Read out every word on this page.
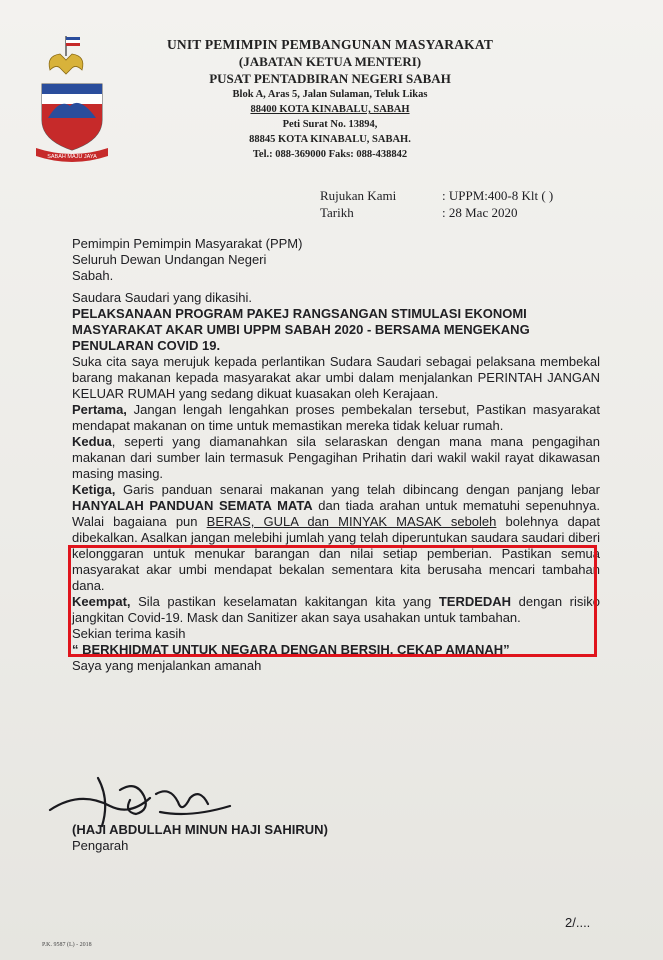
SABAH MAJU JAYA
UNIT PEMIMPIN PEMBANGUNAN MASYARAKAT
(JABATAN KETUA MENTERI)
PUSAT PENTADBIRAN NEGERI SABAH
Blok A, Aras 5, Jalan Sulaman, Teluk Likas
88400 KOTA KINABALU, SABAH
Peti Surat No. 13894,
88845 KOTA KINABALU, SABAH.
Tel.: 088-369000 Faks: 088-438842
Rujukan Kami	: UPPM:400-8 Klt ( )
Tarikh	: 28 Mac 2020

Pemimpin Pemimpin Masyarakat (PPM)

Seluruh Dewan Undangan Negeri

Sabah.

Saudara Saudari yang dikasihi.

PELAKSANAAN PROGRAM PAKEJ RANGSANGAN STIMULASI EKONOMI MASYARAKAT AKAR UMBI UPPM SABAH 2020 - BERSAMA MENGEKANG PENULARAN COVID 19.

Suka cita saya merujuk kepada perlantikan Sudara Saudari sebagai pelaksana membekal barang makanan kepada masyarakat akar umbi dalam menjalankan PERINTAH JANGAN KELUAR RUMAH yang sedang dikuat kuasakan oleh Kerajaan.

Pertama, Jangan lengah lengahkan proses pembekalan tersebut, Pastikan masyarakat mendapat makanan on time untuk memastikan mereka tidak keluar rumah.

Kedua, seperti yang diamanahkan sila selaraskan dengan mana mana pengagihan makanan dari sumber lain termasuk Pengagihan Prihatin dari wakil wakil rayat dikawasan masing masing.

Ketiga, Garis panduan senarai makanan yang telah dibincang dengan panjang lebar HANYALAH PANDUAN SEMATA MATA dan tiada arahan untuk mematuhi sepenuhnya. Walai bagaiana pun BERAS, GULA dan MINYAK MASAK seboleh bolehnya dapat dibekalkan. Asalkan jangan melebihi jumlah yang telah diperuntukan saudara saudari diberi kelonggaran untuk menukar barangan dan nilai setiap pemberian. Pastikan semua masyarakat akar umbi mendapat bekalan sementara kita berusaha mencari tambahan dana.

Keempat, Sila pastikan keselamatan kakitangan kita yang TERDEDAH dengan risiko jangkitan Covid-19. Mask dan Sanitizer akan saya usahakan untuk tambahan.

Sekian terima kasih

“ BERKHIDMAT UNTUK NEGARA DENGAN BERSIH, CEKAP AMANAH”

Saya yang menjalankan amanah

(HAJI ABDULLAH MINUN HAJI SAHIRUN)
Pengarah
2/....
P.K. 9587 (L) - 2018
